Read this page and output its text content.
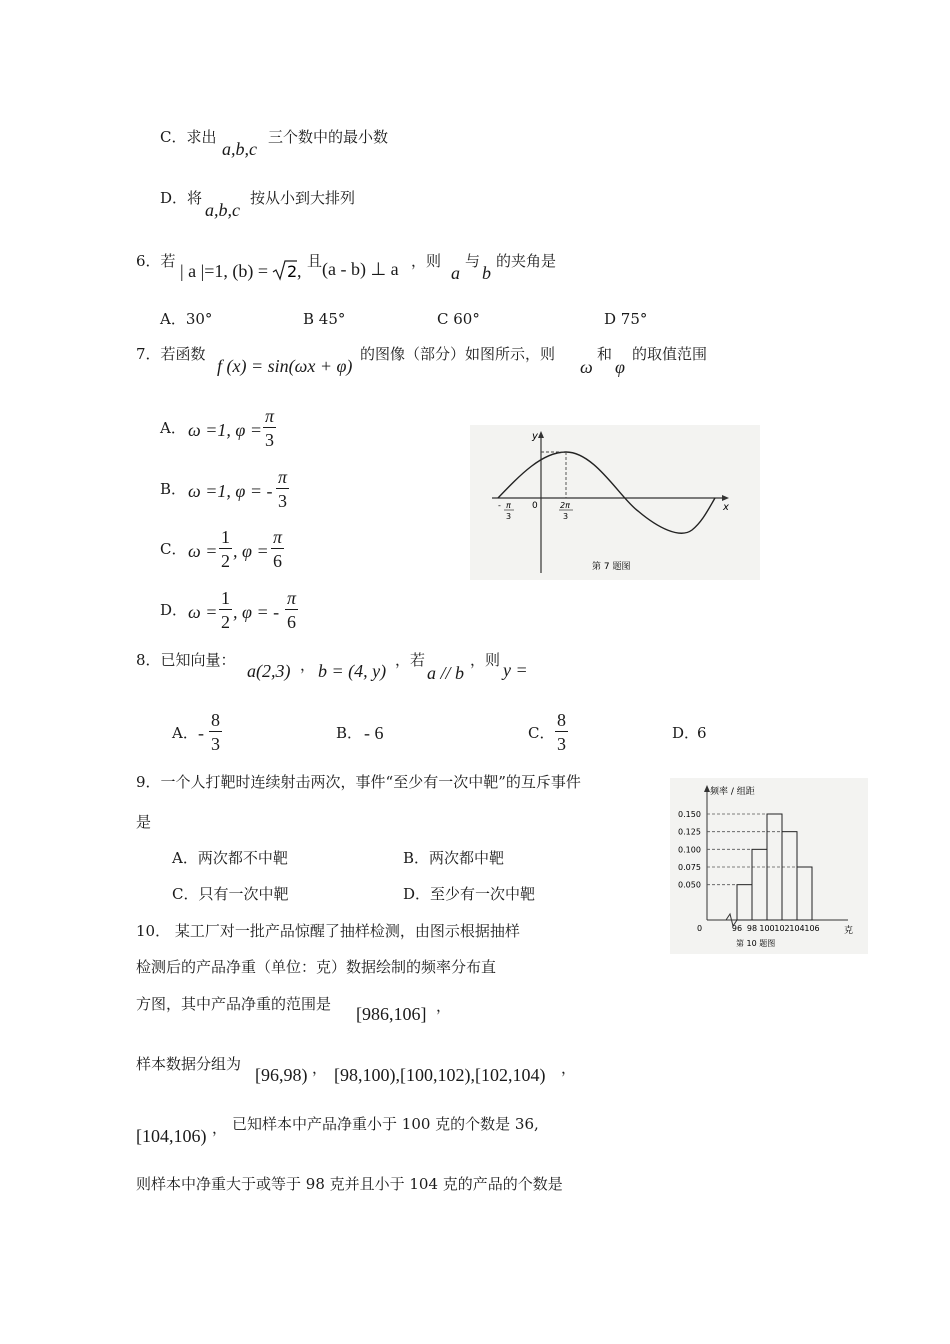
C．求出
a,b,c
三个数中的最小数
D．将
a,b,c
按从小到大排列
6．若 | a |=1, (b) = 2 , 且 (a - b) ⊥ a ，则
a
与
b
的夹角是
A．30°	B 45°	C 60°	D 75°
7．若函数
f (x) = sin(ωx + φ)
的图像（部分）如图所示，则
ω
和
φ
的取值范围
A． ω =1, $\varphi = \frac{\pi}{3}$
B． ω =1, φ = - $\frac{\pi}{3}$
C． $\omega = \frac{1}{2}$ , $\varphi = \frac{\pi}{6}$
D． $\omega = \frac{1}{2}$ , φ = - $\frac{\pi}{6}$
y
x
0
- π
3
2π
3
第 7 题图
8．已知向量：
a(2,3) ， b = (4, y)
，若
a // b
，则 y =
A． - $\frac{8}{3}$	B． - 6	C． $\frac{8}{3}$	D．
6
9．一个人打靶时连续射击两次，事件“至少有一次中靶”的互斥事件
是
A．两次都不中靶	B．两次都中靶
C．只有一次中靶	D．至少有一次中靶
10． 某工厂对一批产品惊醒了抽样检测，由图示根据抽样
检测后的产品净重（单位：克）数据绘制的频率分布直
方图，其中产品净重的范围是 [986,106] ，
样本数据分组为
[96,98) ， [98,100),[100,102),[102,104) ，
[104,106) ， 已知样本中产品净重小于 100 克的个数是 36,
则样本中净重大于或等于 98 克并且小于 104 克的产品的个数是
频率 / 组距
克
0
第 10 题图
0.150
0.125
0.100
0.075
0.050
96 98 100 102 104 106
